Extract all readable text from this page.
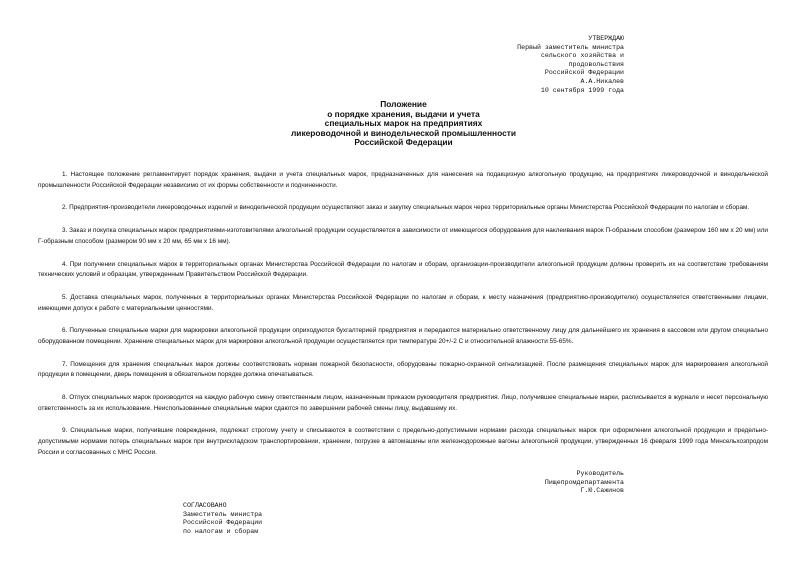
УТВЕРЖДАЮ
Первый заместитель министра
сельского хозяйства и
продовольствия
Российской Федерации
А.А.Никалев
10 сентября 1999 года
Положение
о порядке хранения, выдачи и учета
специальных марок на предприятиях
ликероводочной и винодельческой промышленности
Российской Федерации

1. Настоящее положение регламентирует порядок хранения, выдачи и учета специальных марок, предназначенных для нанесения на подакцизную алкогольную продукцию, на предприятиях ликероводочной и винодельческой промышленности Российской Федерации независимо от их формы собственности и подчиненности.

2. Предприятия-производители ликероводочных изделий и винодельческой продукции осуществляют заказ и закупку специальных марок через территориальные органы Министерства Российской Федерации по налогам и сборам.

3. Заказ и покупка специальных марок предприятиями-изготовителями алкогольной продукции осуществляется в зависимости от имеющегося оборудования для наклеивания марок П-образным способом (размером 160 мм х 20 мм) или Г-образным способом (размером 90 мм х 20 мм, 65 мм х 16 мм).

4. При получении специальных марок в территориальных органах Министерства Российской Федерации по налогам и сборам, организации-производители алкогольной продукции должны проверить их на соответствие требованиям технических условий и образцам, утвержденным Правительством Российской Федерации.

5. Доставка специальных марок, полученных в территориальных органах Министерства Российской Федерации по налогам и сборам, к месту назначения (предприятию-производителю) осуществляется ответственными лицами, имеющими допуск к работе с материальными ценностями.

6. Полученные специальные марки для маркировки алкогольной продукции оприходуются бухгалтерией предприятия и передаются материально ответственному лицу для дальнейшего их хранения в кассовом или другом специально оборудованном помещении. Хранение специальных марок для маркировки алкогольной продукции осуществляется при температуре 20+/-2 С и относительной влажности 55-65%.

7. Помещения для хранения специальных марок должны соответствовать нормам пожарной безопасности, оборудованы пожарно-охранной сигнализацией. После размещения специальных марок для маркирования алкогольной продукции в помещении, дверь помещения в обязательном порядке должна опечатываться.

8. Отпуск специальных марок производится на каждую рабочую смену ответственным лицом, назначенным приказом руководителя предприятия. Лицо, получившее специальные марки, расписывается в журнале и несет персональную ответственность за их использование. Неиспользованные специальные марки сдаются по завершении рабочей смены лицу, выдавшему их.

9. Специальные марки, получившие повреждения, подлежат строгому учету и списываются в соответствии с предельно-допустимыми нормами расхода специальных марок при оформлении алкогольной продукции и предельно-допустимыми нормами потерь специальных марок при внутрискладском транспортировании, хранении, погрузке в автомашины или железнодорожные вагоны алкогольной продукции, утвержденных 16 февраля 1999 года Минсельхозпродом России и согласованных с МНС России.

Руководитель
Пищепромдепартамента
Г.Ю.Сажинов
СОГЛАСОВАНО
Заместитель министра
Российской Федерации
по налогам и сборам
